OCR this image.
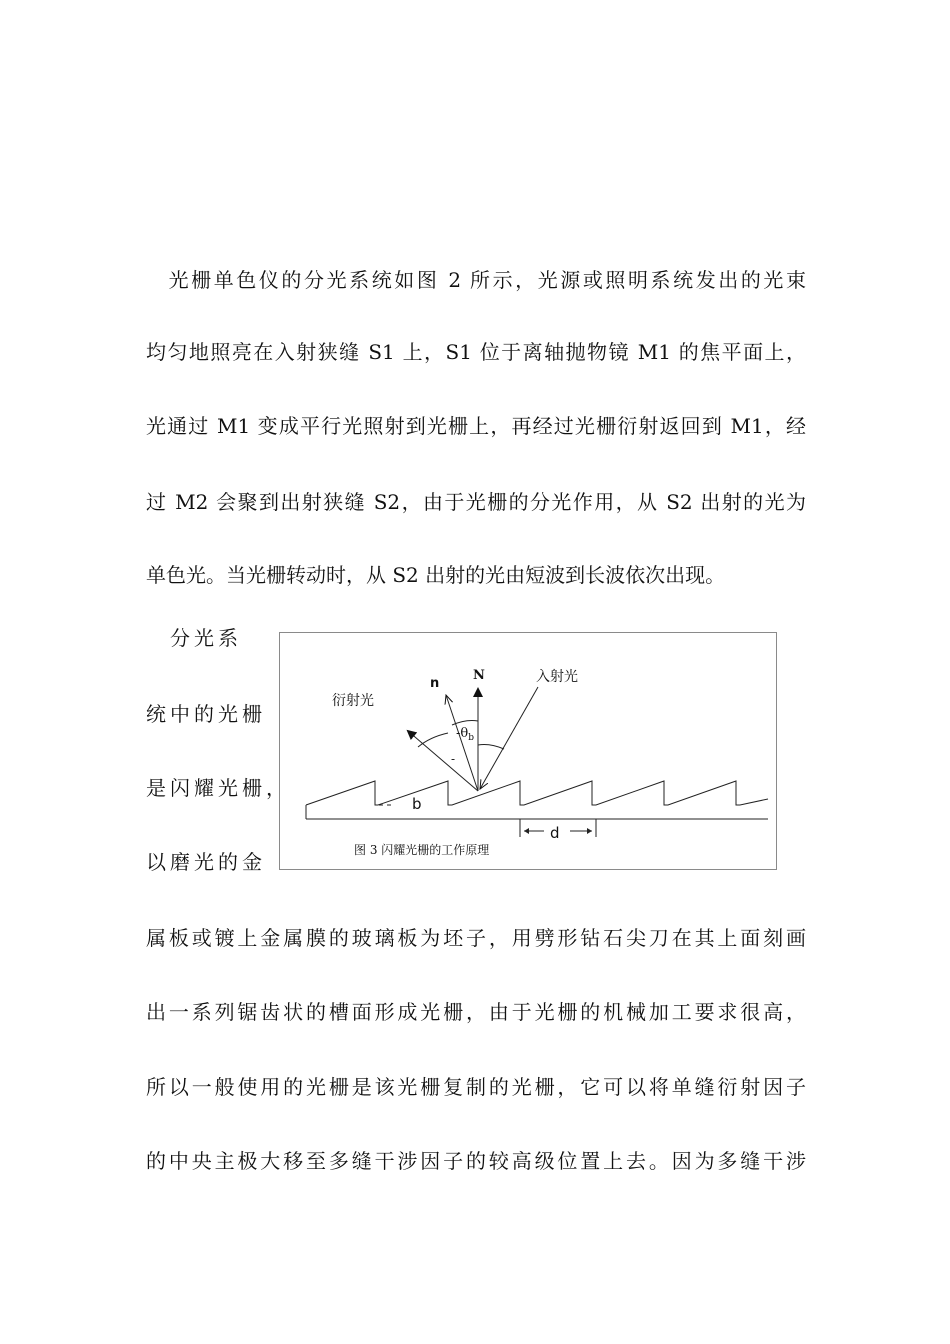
　光栅单色仪的分光系统如图 2 所示，光源或照明系统发出的光束
均匀地照亮在入射狭缝 S1 上，S1 位于离轴抛物镜 M1 的焦平面上，
光通过 M1 变成平行光照射到光栅上，再经过光栅衍射返回到 M1，经
过 M2 会聚到出射狭缝 S2，由于光栅的分光作用，从 S2 出射的光为
单色光。当光栅转动时，从 S2 出射的光由短波到长波依次出现。
　分光系
统中的光栅
是闪耀光栅，
以磨光的金
入射光
衍射光
n
N
$-\theta_b$
-
b
d
图 3 闪耀光栅的工作原理
属板或镀上金属膜的玻璃板为坯子，用劈形钻石尖刀在其上面刻画
出一系列锯齿状的槽面形成光栅，由于光栅的机械加工要求很高，
所以一般使用的光栅是该光栅复制的光栅，它可以将单缝衍射因子
的中央主极大移至多缝干涉因子的较高级位置上去。因为多缝干涉
